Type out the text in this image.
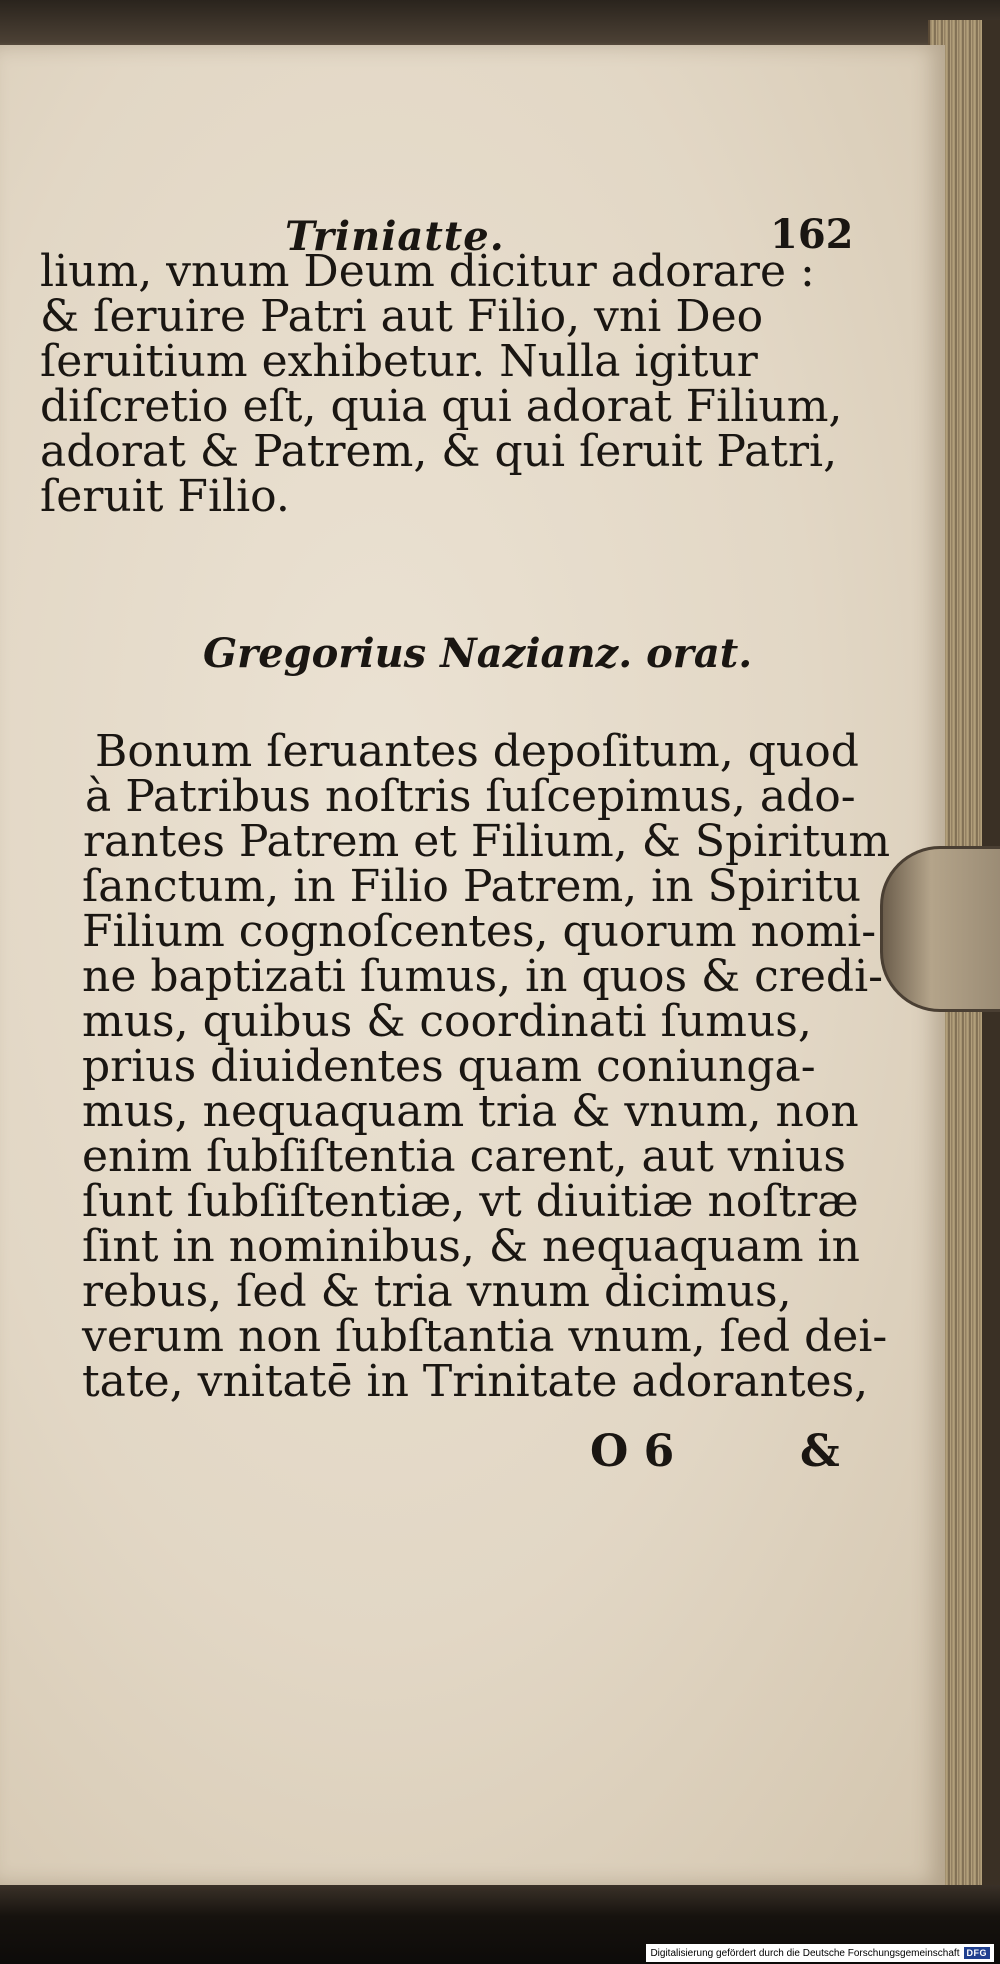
Triniatte.	162
lium, vnum Deum dicitur adorare :
& ſeruire Patri aut Filio, vni Deo
ſeruitium exhibetur. Nulla igitur
diſcretio eſt, quia qui adorat Filium,
adorat & Patrem, & qui ſeruit Patri,
ſeruit Filio.
Gregorius Nazianz. orat.
Bonum ſeruantes depoſitum, quod
à Patribus noſtris ſuſcepimus, ado-
rantes Patrem et Filium, & Spiritum
ſanctum, in Filio Patrem, in Spiritu
Filium cognoſcentes, quorum nomi-
ne baptizati ſumus, in quos & credi-
mus, quibus & coordinati ſumus,
prius diuidentes quam coniunga-
mus, nequaquam tria & vnum, non
enim ſubſiſtentia carent, aut vnius
ſunt ſubſiſtentiæ, vt diuitiæ noſtræ
ſint in nominibus, & nequaquam in
rebus, ſed & tria vnum dicimus,
verum non ſubſtantia vnum, ſed dei-
tate, vnitatē in Trinitate adorantes,
O 6	&
Digitalisierung gefördert durch die Deutsche Forschungsgemeinschaft DFG
